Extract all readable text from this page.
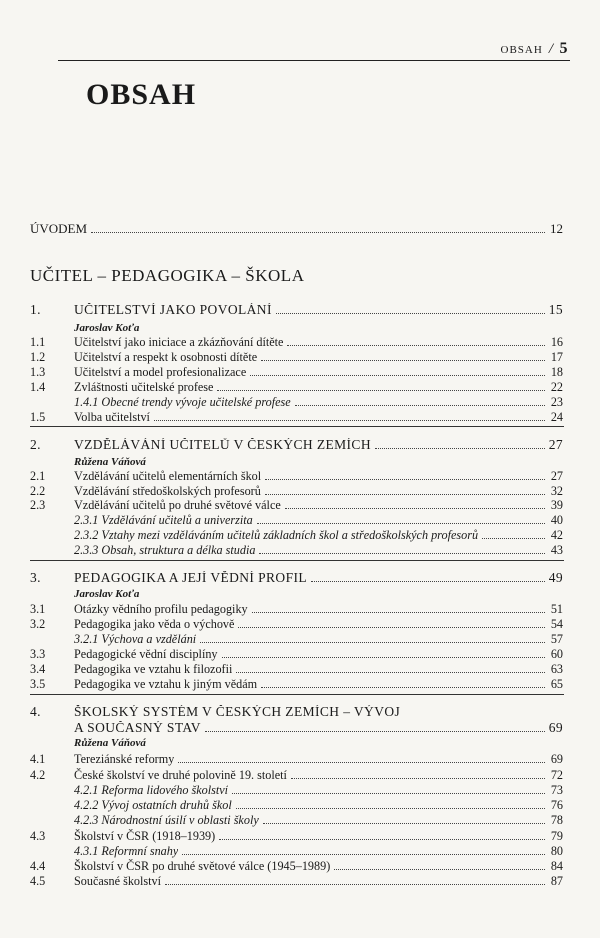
OBSAH / 5
OBSAH
ÚVODEM	12
UČITEL – PEDAGOGIKA – ŠKOLA
1.	UČITELSTVÍ JAKO POVOLÁNÍ	15
Jaroslav Koťa
1.1	Učitelství jako iniciace a zkázňování dítěte	16
1.2	Učitelství a respekt k osobnosti dítěte	17
1.3	Učitelství a model profesionalizace	18
1.4	Zvláštnosti učitelské profese	22
1.4.1 Obecné trendy vývoje učitelské profese	23
1.5	Volba učitelství	24
2.	VZDĚLÁVÁNÍ UČITELŮ V ČESKÝCH ZEMÍCH	27
Růžena Váňová
2.1	Vzdělávání učitelů elementárních škol	27
2.2	Vzdělávání středoškolských profesorů	32
2.3	Vzdělávání učitelů po druhé světové válce	39
2.3.1 Vzdělávání učitelů a univerzita	40
2.3.2 Vztahy mezi vzděláváním učitelů základních škol a středoškolských profesorů	42
2.3.3 Obsah, struktura a délka studia	43
3.	PEDAGOGIKA A JEJÍ VĚDNÍ PROFIL	49
Jaroslav Koťa
3.1	Otázky vědního profilu pedagogiky	51
3.2	Pedagogika jako věda o výchově	54
3.2.1 Výchova a vzdělání	57
3.3	Pedagogické vědní disciplíny	60
3.4	Pedagogika ve vztahu k filozofii	63
3.5	Pedagogika ve vztahu k jiným vědám	65
4.	ŠKOLSKÝ SYSTÉM V ČESKÝCH ZEMÍCH – VÝVOJ
A SOUČASNÝ STAV	69
Růžena Váňová
4.1	Tereziánské reformy	69
4.2	České školství ve druhé polovině 19. století	72
4.2.1 Reforma lidového školství	73
4.2.2 Vývoj ostatních druhů škol	76
4.2.3 Národnostní úsilí v oblasti školy	78
4.3	Školství v ČSR (1918–1939)	79
4.3.1 Reformní snahy	80
4.4	Školství v ČSR po druhé světové válce (1945–1989)	84
4.5	Současné školství	87
